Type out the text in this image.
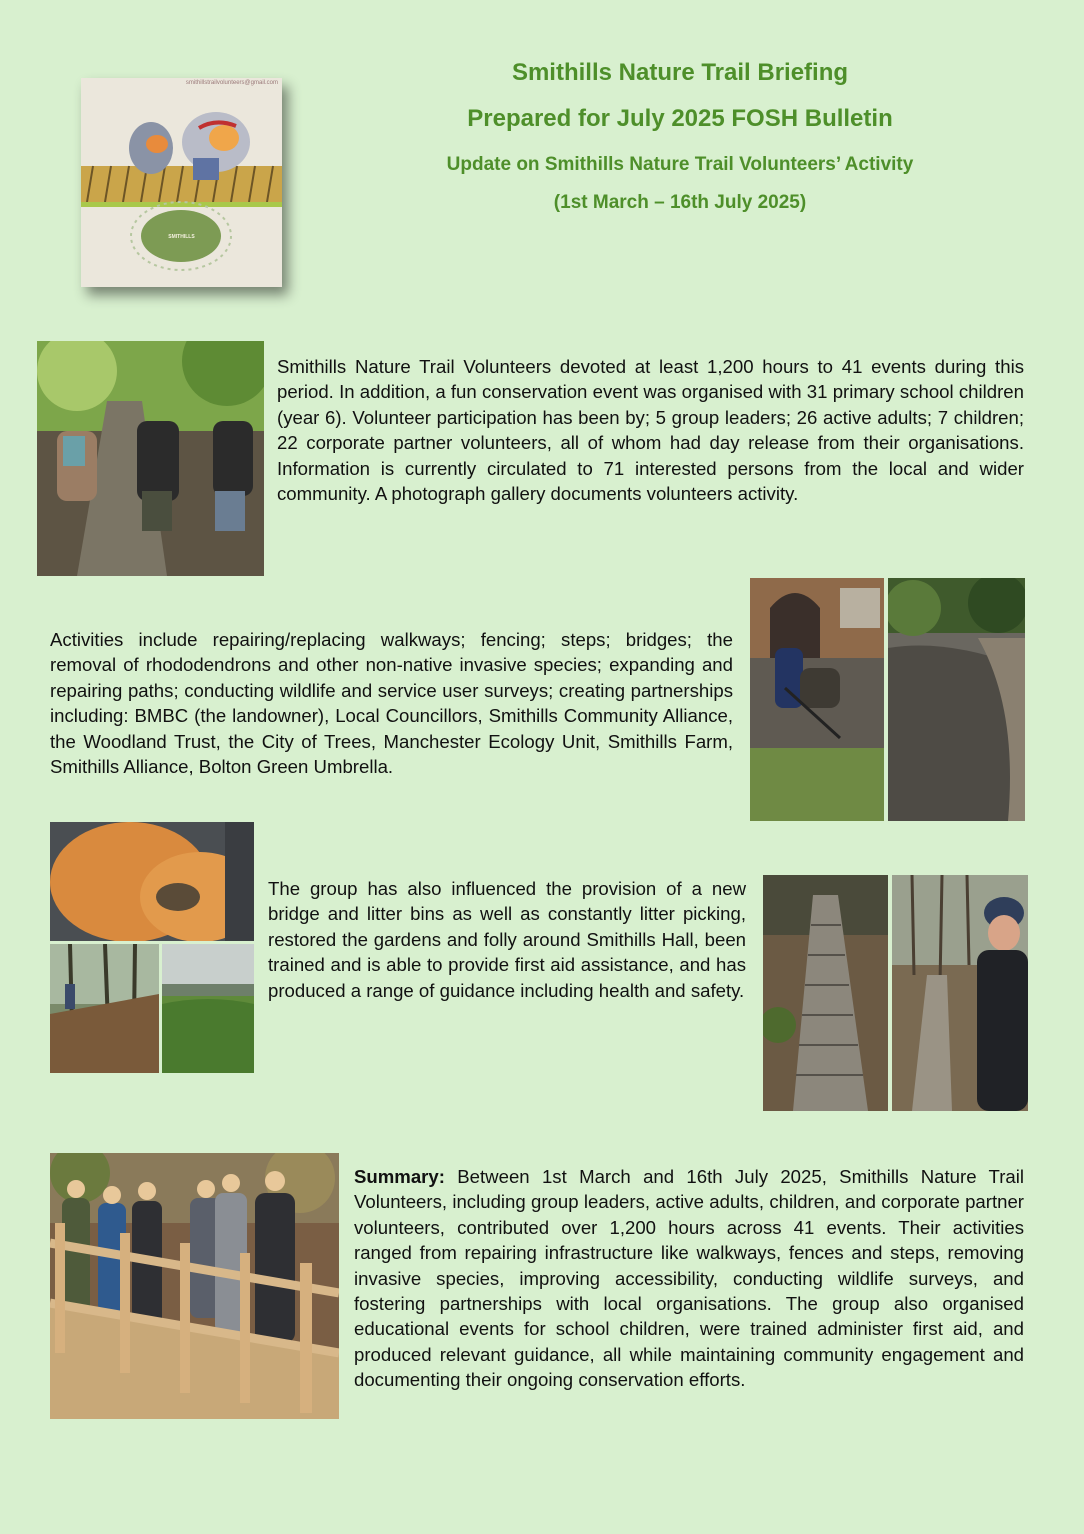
Smithills Nature Trail Briefing

Prepared for July 2025 FOSH Bulletin

Update on Smithills Nature Trail Volunteers’ Activity

(1st March – 16th July 2025)

smithillstrailvolunteers@gmail.com
SMITHILLS

Smithills Nature Trail Volunteers devoted at least 1,200 hours to 41 events during this period. In addition, a fun conservation event was organised with 31 primary school children (year 6). Volunteer participation has been by; 5 group leaders; 26 active adults; 7 children; 22 corporate partner volunteers, all of whom had day release from their organisations. Information is currently circulated to 71 interested persons from the local and wider community. A photograph gallery documents volunteers activity.

Activities include repairing/replacing walkways; fencing; steps; bridges; the removal of rhododendrons and other non-native invasive species; expanding and repairing paths; conducting wildlife and service user surveys; creating partnerships including: BMBC (the landowner), Local Councillors, Smithills Community Alliance, the Woodland Trust, the City of Trees, Manchester Ecology Unit, Smithills Farm, Smithills Alliance, Bolton Green Umbrella.

The group has also influenced the provision of a new bridge and litter bins as well as constantly litter picking, restored the gardens and folly around Smithills Hall, been trained and is able to provide first aid assistance, and has produced a range of guidance including health and safety.

Summary: Between 1st March and 16th July 2025, Smithills Nature Trail Volunteers, including group leaders, active adults, children, and corporate partner volunteers, contributed over 1,200 hours across 41 events. Their activities ranged from repairing infrastructure like walkways, fences and steps, removing invasive species, improving accessibility, conducting wildlife surveys, and fostering partnerships with local organisations. The group also organised educational events for school children, were trained administer first aid, and produced relevant guidance, all while maintaining community engagement and documenting their ongoing conservation efforts.
